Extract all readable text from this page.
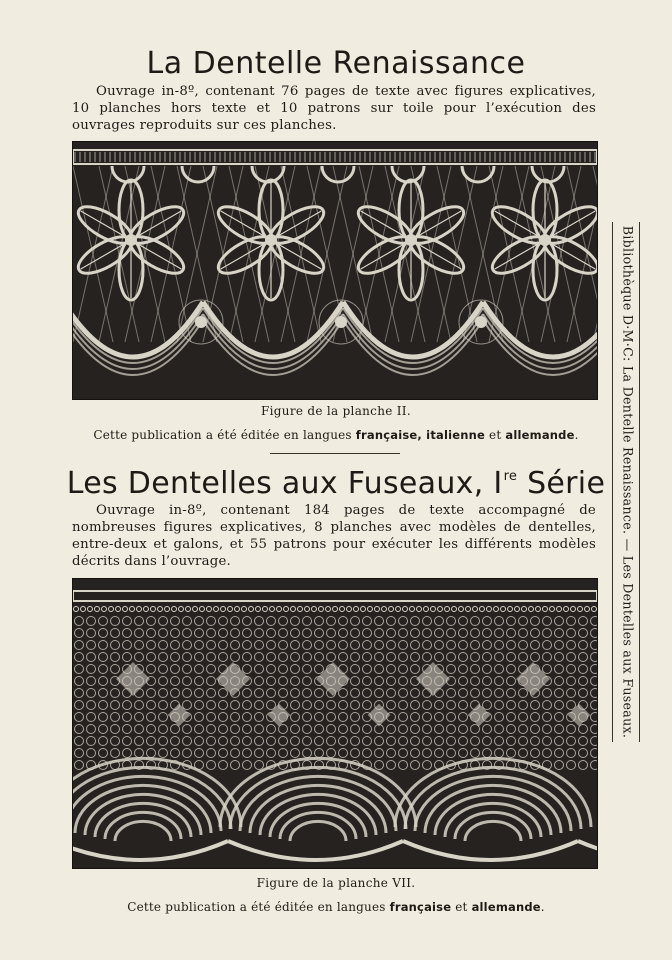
La Dentelle Renaissance

Ouvrage in-8º, contenant 76 pages de texte avec figures explicatives, 10 planches hors texte et 10 patrons sur toile pour l’exécution des ouvrages reproduits sur ces planches.

Figure de la planche II.

Cette publication a été éditée en langues française, italienne et allemande.

Les Dentelles aux Fuseaux, Ire Série

Ouvrage in-8º, contenant 184 pages de texte accompagné de nombreuses figures explicatives, 8 planches avec modèles de dentelles, entre-deux et galons, et 55 patrons pour exécuter les différents modèles décrits dans l’ouvrage.

Figure de la planche VII.

Cette publication a été éditée en langues française et allemande.

Bibliothèque D·M·C: La Dentelle Renaissance. — Les Dentelles aux Fuseaux.
